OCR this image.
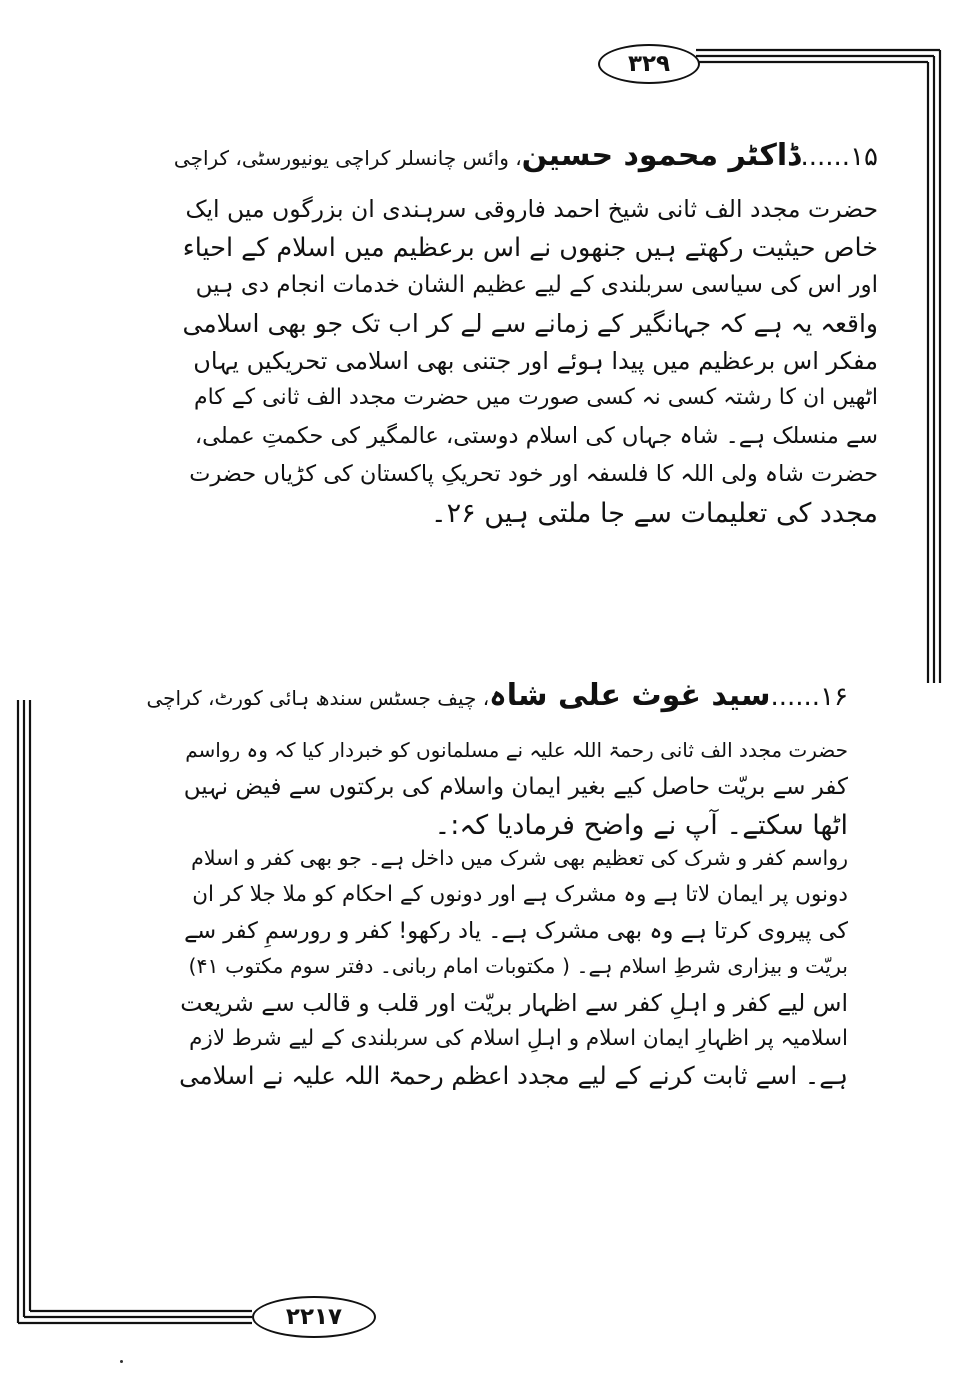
۳۲۹
۲۲۱۷
۱۵......ڈاکٹر محمود حسین، وائس چانسلر کراچی یونیورسٹی، کراچی
حضرت مجدد الف ثانی شیخ احمد فاروقی سرہندی ان بزرگوں میں ایک
خاص حیثیت رکھتے ہیں جنھوں نے اس برعظیم میں اسلام کے احیاء
اور اس کی سیاسی سربلندی کے لیے عظیم الشان خدمات انجام دی ہیں
واقعہ یہ ہے کہ جہانگیر کے زمانے سے لے کر اب تک جو بھی اسلامی
مفکر اس برعظیم میں پیدا ہوئے اور جتنی بھی اسلامی تحریکیں یہاں
اٹھیں ان کا رشتہ کسی نہ کسی صورت میں حضرت مجدد الف ثانی کے کام
سے منسلک ہے۔ شاہ جہاں کی اسلام دوستی، عالمگیر کی حکمتِ عملی،
حضرت شاہ ولی اللہ کا فلسفہ اور خود تحریکِ پاکستان کی کڑیاں حضرت
مجدد کی تعلیمات سے جا ملتی ہیں ۲۶۔
۱۶......سید غوث علی شاہ، چیف جسٹس سندھ ہائی کورٹ، کراچی
حضرت مجدد الف ثانی رحمۃ اللہ علیہ نے مسلمانوں کو خبردار کیا کہ وہ رواسم
کفر سے بریّت حاصل کیے بغیر ایمان واسلام کی برکتوں سے فیض نہیں
اٹھا سکتے۔ آپ نے واضح فرمادیا کہ:۔
رواسم کفر و شرک کی تعظیم بھی شرک میں داخل ہے۔ جو بھی کفر و اسلام
دونوں پر ایمان لاتا ہے وہ مشرک ہے اور دونوں کے احکام کو ملا جلا کر ان
کی پیروی کرتا ہے وہ بھی مشرک ہے۔ یاد رکھو! کفر و رورسمِ کفر سے
بریّت و بیزاری شرطِ اسلام ہے۔ ( مکتوبات امام ربانی۔ دفتر سوم مکتوب ۴۱)
اس لیے کفر و اہلِ کفر سے اظہار بریّت اور قلب و قالب سے شریعت
اسلامیہ پر اظہارِ ایمان اسلام و اہلِ اسلام کی سربلندی کے لیے شرط لازم
ہے۔ اسے ثابت کرنے کے لیے مجدد اعظم رحمۃ اللہ علیہ نے اسلامی
